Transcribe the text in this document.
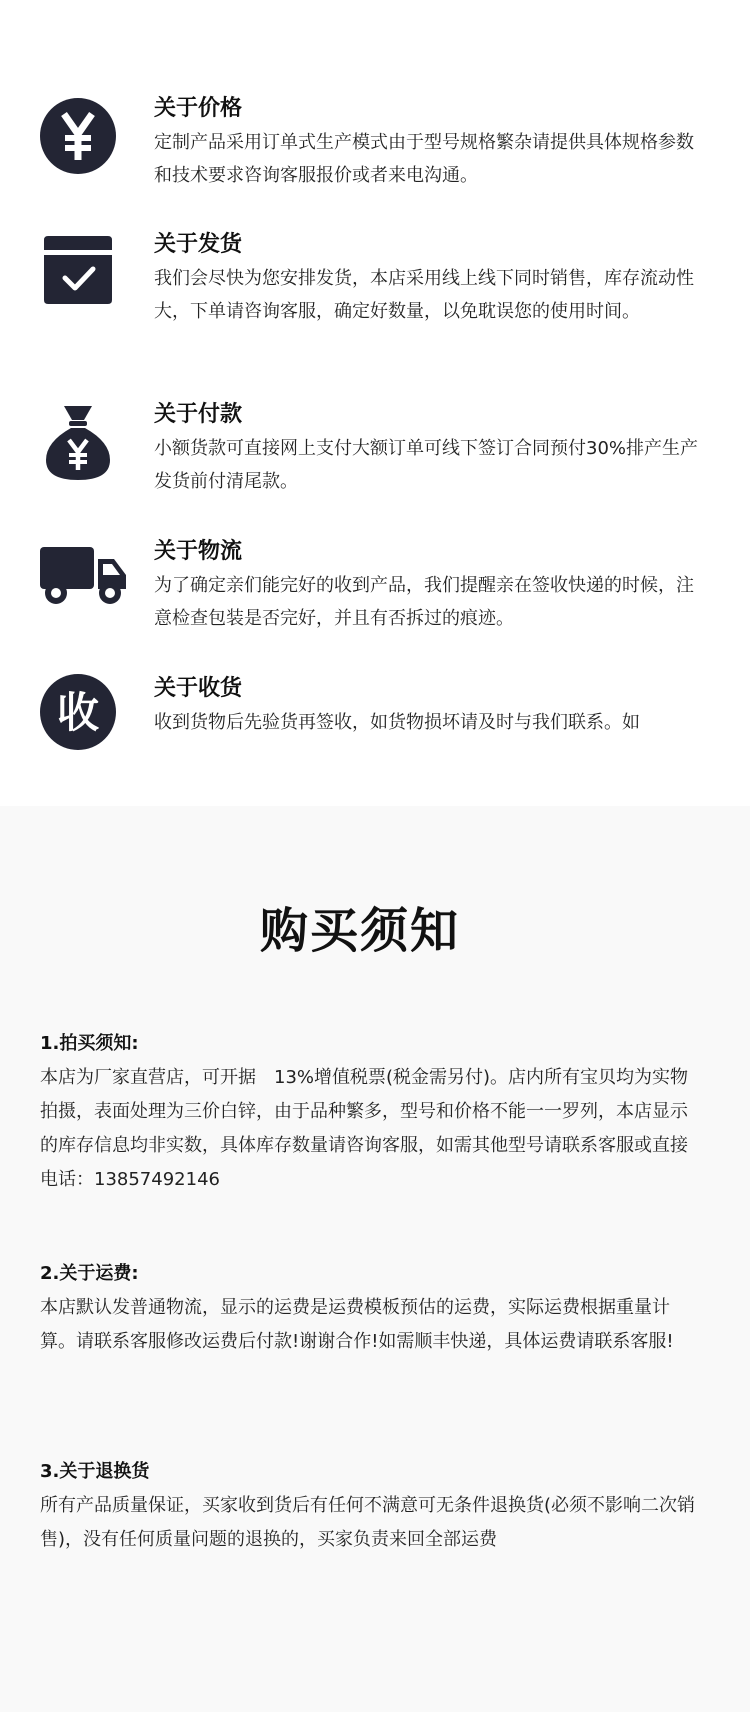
关于价格
定制产品采用订单式生产模式由于型号规格繁杂请提供具体规格参数和技术要求咨询客服报价或者来电沟通。
关于发货
我们会尽快为您安排发货，本店采用线上线下同时销售，库存流动性大，下单请咨询客服，确定好数量，以免耽误您的使用时间。
关于付款
小额货款可直接网上支付大额订单可线下签订合同预付30%排产生产发货前付清尾款。
关于物流
为了确定亲们能完好的收到产品，我们提醒亲在签收快递的时候，注意检查包装是否完好，并且有否拆过的痕迹。
收 关于收货
收到货物后先验货再签收，如货物损坏请及时与我们联系。如
购买须知
1.拍买须知:
本店为厂家直营店，可开据　13%增值税票(税金需另付)。店内所有宝贝均为实物拍摄，表面处理为三价白锌，由于品种繁多，型号和价格不能一一罗列，本店显示的库存信息均非实数，具体库存数量请咨询客服，如需其他型号请联系客服或直接电话：13857492146
2.关于运费:
本店默认发普通物流，显示的运费是运费模板预估的运费，实际运费根据重量计算。请联系客服修改运费后付款!谢谢合作!如需顺丰快递，具体运费请联系客服!
3.关于退换货
所有产品质量保证，买家收到货后有任何不满意可无条件退换货(必须不影响二次销售)，没有任何质量问题的退换的，买家负责来回全部运费
